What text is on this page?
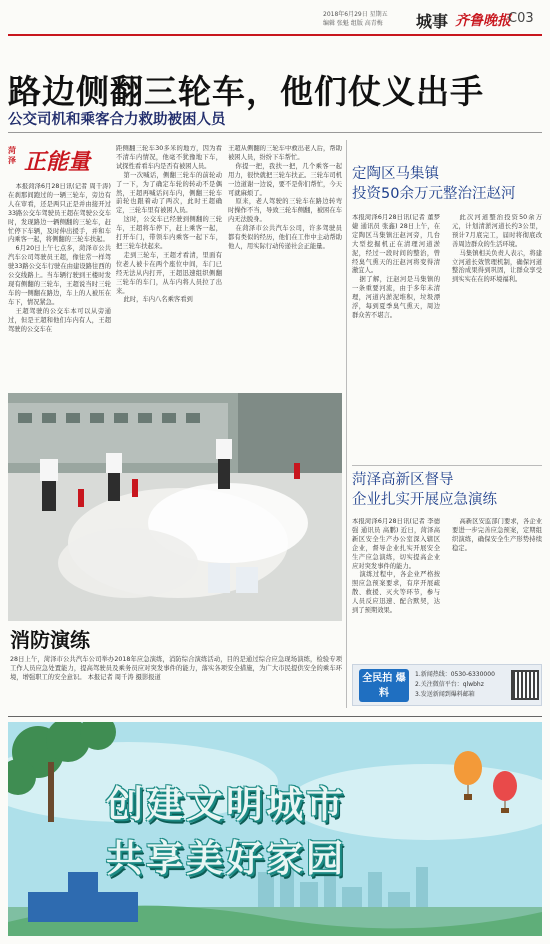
2018年6月29日 星期五
编辑 张魁 组版 高青梅	城事 齐鲁晚报
C03
路边侧翻三轮车，他们仗义出手
公交司机和乘客合力救助被困人员
菏泽 正能量

本报菏泽6月28日讯(记者 周千涛) 在刹那间跑过的一辆三轮车，旁边有人在审看，还是两只正是并由接开过33路公交车驾驶员王超在驾驶公交车时，发现路边一辆侧翻的三轮车，赶忙停下车辆，及时伸出援手，并和车内乘客一起，将侧翻的三轮车扶起。

6月20日上午七点多，菏泽市公共汽车公司驾驶员王超，像往常一样驾驶33路公交车行驶在由建设路往西的公交线路上。当车辆行驶到王楼时发现有侧翻的三轮车，王超说当时三轮车的一侧翻在路边，车上的人被压在车下，情况紧急。

王超驾驶的公交车本可以从旁通过，但是王超和他们车内有人，王超驾驶的公交车在

距侧翻三轮车30多米的地方，因为看不清车内情况，他毫不犹豫地下车，试探性看看车内是否有被困人员。

第一次喊话，侧翻三轮车的前轮动了一下，为了确定车轮的转动不是偶然，王超再喊话问车内，侧翻三轮车前轮也跟着动了两次，此时王超确定，三轮车里有被困人员。

这时，公交车已经驶到侧翻的三轮车，王超将车停下，赶上乘客一起，打开车门，带领车内乘客一起下车，把三轮车扶起来。

走到三轮车，王超才看清，里面有位老人被卡在两个座位中间，车门已经无法从内打开，王超迅速组织侧翻三轮车的车门，从车内将人员拉了出来。

此时，车内八名乘客看到

王超从侧翻的三轮车中救出老人后，帮助被困人员，纷纷下车帮忙。

你提一把，我扶一把，几个乘客一起用力，很快就把三轮车扶正。三轮车司机一边道谢一边说，要不是你们帮忙，今天可就麻烦了。

原来，老人驾驶的三轮车在路边转弯时操作不当，导致三轮车侧翻，被困在车内无法脱身。

在菏泽市公共汽车公司，许多驾驶员都有类似的经历，他们在工作中主动帮助他人，用实际行动传递社会正能量。

消防演练
28日上午，菏泽市公共汽车公司举办2018年应急演练，消防综合演练活动，目的是通过综合应急现场演练，检验专项工作人员应急处置能力，提高驾驶员及乘务员应对突发事件的能力，落实各项安全措施，为广大市民提供安全的乘车环境，增强职工的安全意识。 本报记者 周千涛 摄影报道
定陶区马集镇
投资50余万元整治汪赵河

本报菏泽6月28日讯(记者 董梦婕 通讯员 张鑫) 28日上午，在定陶区马集镇汪赵河旁，几台大型挖掘机正在清理河道淤泥，经过一段时间的整治，曾经臭气熏天的汪赵河将变得清澈宜人。

据了解，汪赵河是马集镇的一条重要河流，由于多年未清理，河道内淤泥堆积，垃圾漂浮，每到夏季臭气熏天，周边群众苦不堪言。

此次河道整治投资50余万元，计划清淤河道长约3公里，预计7月底完工，届时将彻底改善周边群众的生活环境。

马集镇相关负责人表示，将建立河道长效管理机制，确保河道整治成果得到巩固，让群众享受到实实在在的环境福利。

菏泽高新区督导
企业扎实开展应急演练

本报菏泽6月28日讯(记者 李德强 通讯员 高鹏) 近日，菏泽高新区安全生产办公室深入辖区企业，督导企业扎实开展安全生产应急演练，切实提高企业应对突发事件的能力。

演练过程中，各企业严格按照应急预案要求，有序开展疏散、救援、灭火等环节，参与人员反应迅速、配合默契，达到了预期效果。

高新区安监部门要求，各企业要进一步完善应急预案，定期组织演练，确保安全生产形势持续稳定。

全民拍 爆料
1.新闻热线：0530-6330000
2.关注微信平台：qlwbhz
3.发送新闻到爆料邮箱
创建文明城市
共享美好家园
